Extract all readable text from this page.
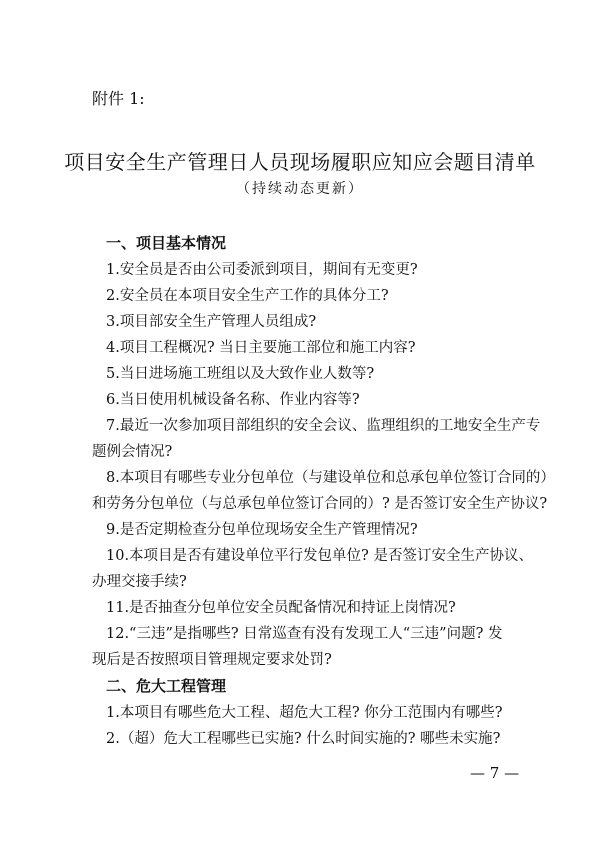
附件 1:
项目安全生产管理日人员现场履职应知应会题目清单
（持续动态更新）
一、项目基本情况
1.安全员是否由公司委派到项目，期间有无变更?
2.安全员在本项目安全生产工作的具体分工?
3.项目部安全生产管理人员组成?
4.项目工程概况? 当日主要施工部位和施工内容?
5.当日进场施工班组以及大致作业人数等?
6.当日使用机械设备名称、作业内容等?
7.最近一次参加项目部组织的安全会议、监理组织的工地安全生产专
题例会情况?
8.本项目有哪些专业分包单位（与建设单位和总承包单位签订合同的）
和劳务分包单位（与总承包单位签订合同的）? 是否签订安全生产协议?
9.是否定期检查分包单位现场安全生产管理情况?
10.本项目是否有建设单位平行发包单位? 是否签订安全生产协议、
办理交接手续?
11.是否抽查分包单位安全员配备情况和持证上岗情况?
12.“三违”是指哪些? 日常巡查有没有发现工人“三违”问题? 发
现后是否按照项目管理规定要求处罚?
二、危大工程管理
1.本项目有哪些危大工程、超危大工程? 你分工范围内有哪些?
2.（超）危大工程哪些已实施? 什么时间实施的? 哪些未实施?
— 7 —
